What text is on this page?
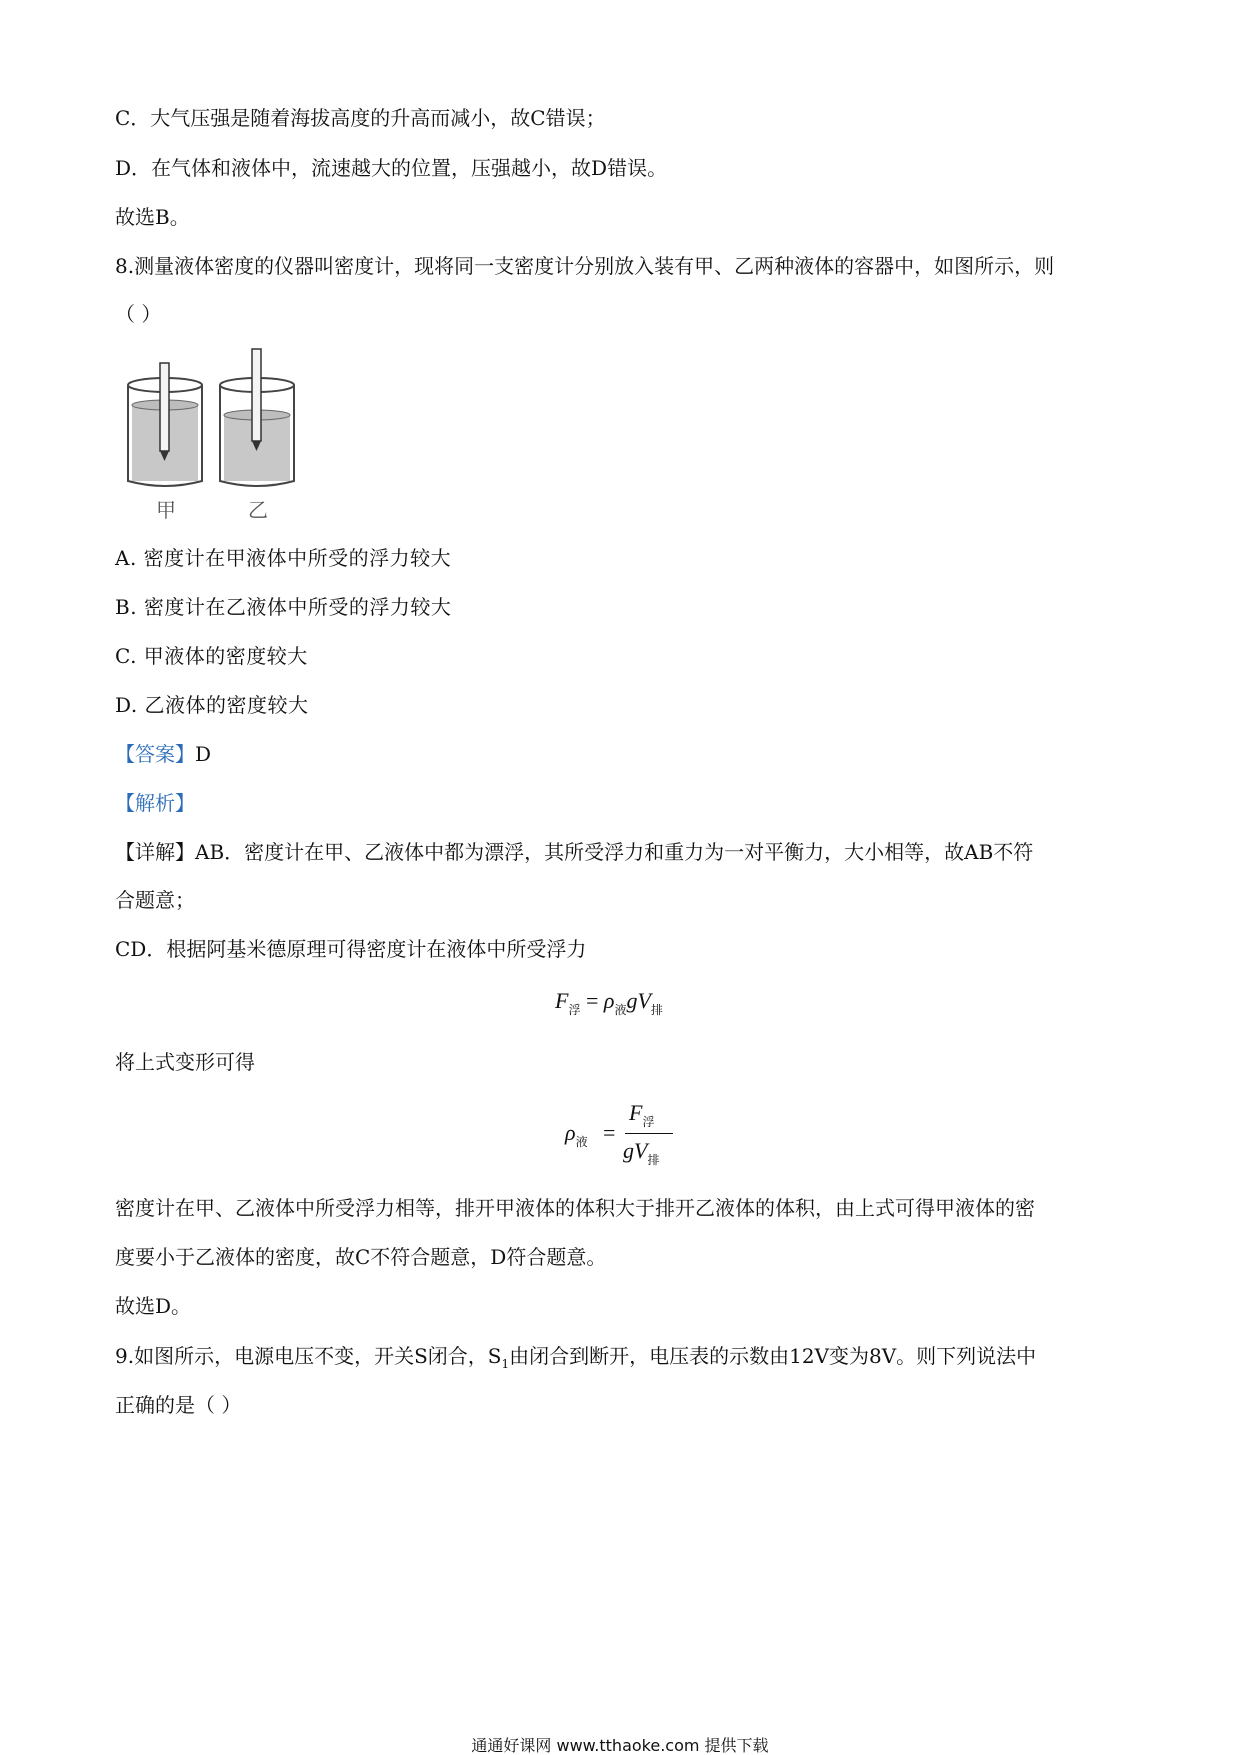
C．大气压强是随着海拔高度的升高而减小，故C错误；
D．在气体和液体中，流速越大的位置，压强越小，故D错误。
故选B。
8.测量液体密度的仪器叫密度计，现将同一支密度计分别放入装有甲、乙两种液体的容器中，如图所示，则
（ ）
甲	乙
A. 密度计在甲液体中所受的浮力较大
B. 密度计在乙液体中所受的浮力较大
C. 甲液体的密度较大
D. 乙液体的密度较大
【答案】D
【解析】
【详解】AB．密度计在甲、乙液体中都为漂浮，其所受浮力和重力为一对平衡力，大小相等，故AB不符
合题意；
CD．根据阿基米德原理可得密度计在液体中所受浮力
$F_浮 = \rho_液gV_排$
将上式变形可得
$\rho_液$ =
$F_浮$
$gV_排$
密度计在甲、乙液体中所受浮力相等，排开甲液体的体积大于排开乙液体的体积，由上式可得甲液体的密
度要小于乙液体的密度，故C不符合题意，D符合题意。
故选D。
9.如图所示，电源电压不变，开关S闭合，$S_1$由闭合到断开，电压表的示数由12V变为8V。则下列说法中
正确的是（ ）
通通好课网 www.tthaoke.com 提供下载
